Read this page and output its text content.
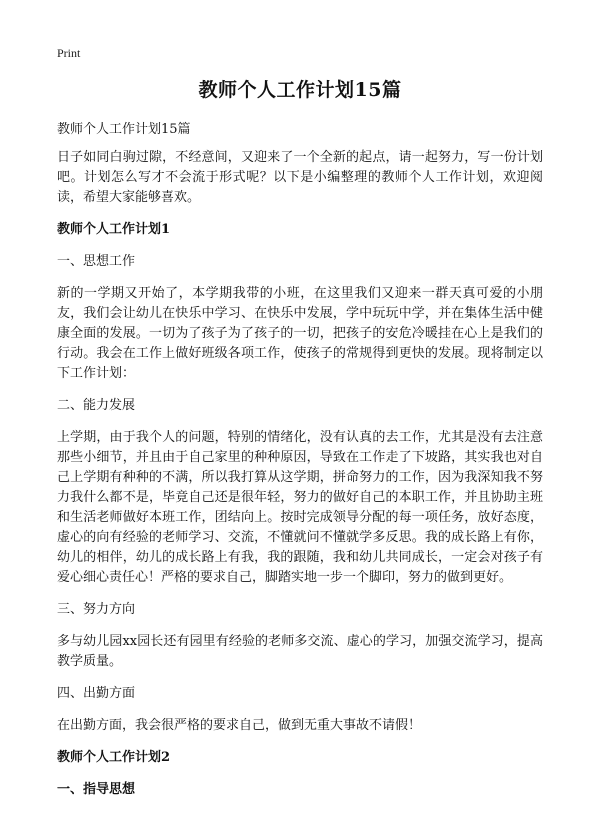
Print
教师个人工作计划15篇
教师个人工作计划15篇

日子如同白驹过隙，不经意间，又迎来了一个全新的起点，请一起努力，写一份计划吧。计划怎么写才不会流于形式呢？以下是小编整理的教师个人工作计划，欢迎阅读，希望大家能够喜欢。

教师个人工作计划1
一、思想工作

新的一学期又开始了，本学期我带的小班，在这里我们又迎来一群天真可爱的小朋友，我们会让幼儿在快乐中学习、在快乐中发展，学中玩玩中学，并在集体生活中健康全面的发展。一切为了孩子为了孩子的一切，把孩子的安危冷暖挂在心上是我们的行动。我会在工作上做好班级各项工作，使孩子的常规得到更快的发展。现将制定以下工作计划：

二、能力发展

上学期，由于我个人的问题，特别的情绪化，没有认真的去工作，尤其是没有去注意那些小细节，并且由于自己家里的种种原因，导致在工作走了下坡路，其实我也对自己上学期有种种的不满，所以我打算从这学期，拼命努力的工作，因为我深知我不努力我什么都不是，毕竟自己还是很年轻，努力的做好自己的本职工作，并且协助主班和生活老师做好本班工作，团结向上。按时完成领导分配的每一项任务，放好态度，虚心的向有经验的老师学习、交流，不懂就问不懂就学多反思。我的成长路上有你，幼儿的相伴，幼儿的成长路上有我，我的跟随，我和幼儿共同成长，一定会对孩子有爱心细心责任心！严格的要求自己，脚踏实地一步一个脚印，努力的做到更好。

三、努力方向

多与幼儿园xx园长还有园里有经验的老师多交流、虚心的学习，加强交流学习，提高教学质量。

四、出勤方面

在出勤方面，我会很严格的要求自己，做到无重大事故不请假！

教师个人工作计划2
一、指导思想
